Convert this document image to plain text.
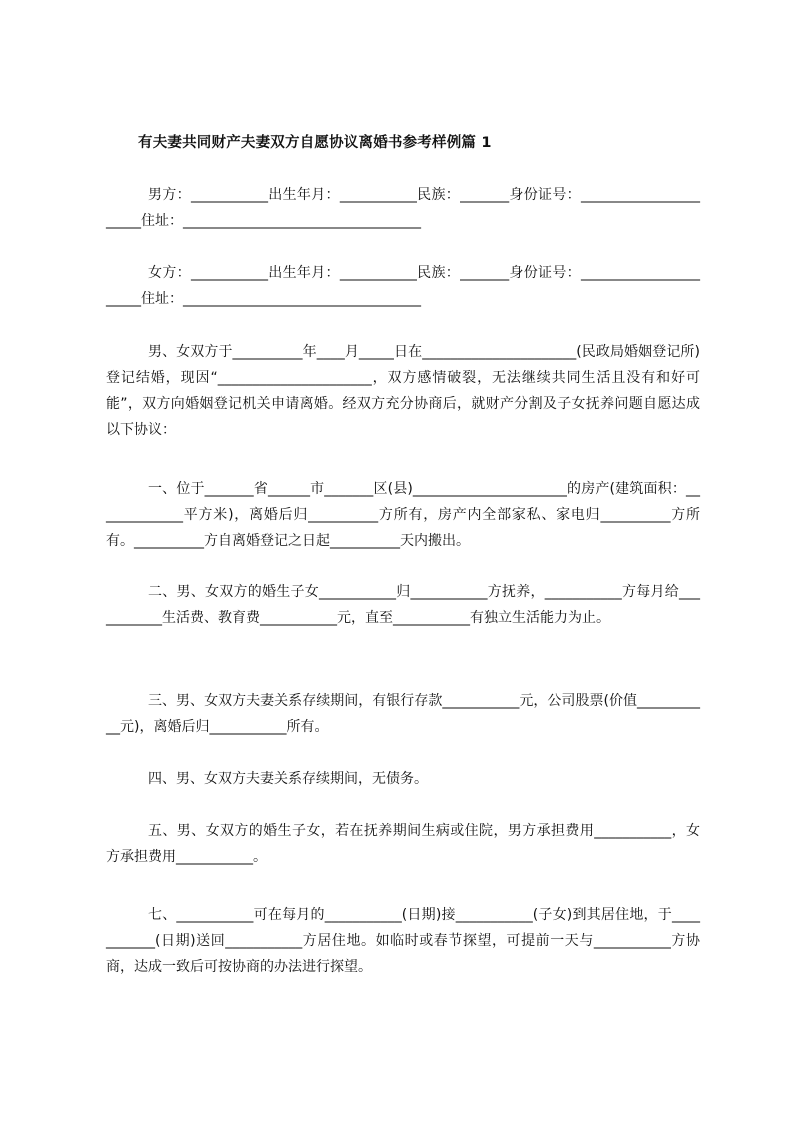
有夫妻共同财产夫妻双方自愿协议离婚书参考样例篇 1

男方：___________出生年月：___________民族：_______身份证号：______________________住址：__________________________________

女方：___________出生年月：___________民族：_______身份证号：______________________住址：__________________________________

男、女双方于__________年____月_____日在______________________(民政局婚姻登记所)登记结婚，现因“______________________，双方感情破裂，无法继续共同生活且没有和好可能”，双方向婚姻登记机关申请离婚。经双方充分协商后，就财产分割及子女抚养问题自愿达成以下协议：

一、位于_______省______市_______区(县)______________________的房产(建筑面积：_____________平方米)，离婚后归__________方所有，房产内全部家私、家电归__________方所有。__________方自离婚登记之日起__________天内搬出。

二、男、女双方的婚生子女___________归___________方抚养，___________方每月给___________生活费、教育费___________元，直至___________有独立生活能力为止。

三、男、女双方夫妻关系存续期间，有银行存款___________元，公司股票(价值___________元)，离婚后归___________所有。

四、男、女双方夫妻关系存续期间，无债务。

五、男、女双方的婚生子女，若在抚养期间生病或住院，男方承担费用___________，女方承担费用___________。

七、___________可在每月的___________(日期)接___________(子女)到其居住地，于___________(日期)送回___________方居住地。如临时或春节探望，可提前一天与___________方协商，达成一致后可按协商的办法进行探望。
